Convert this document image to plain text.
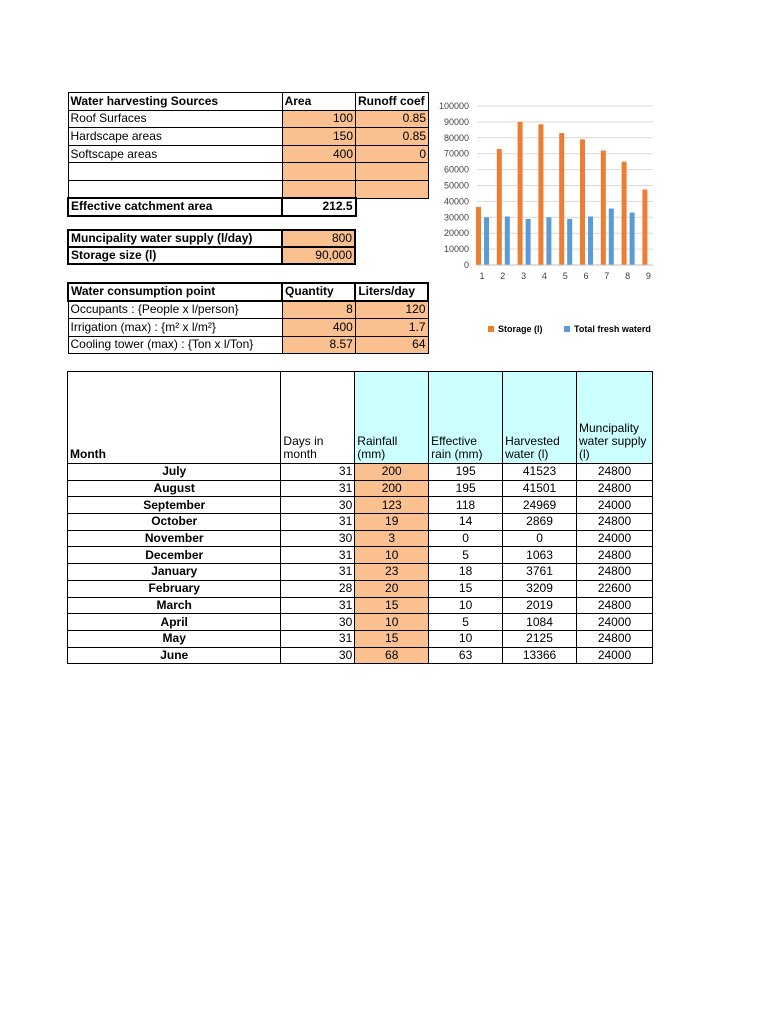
Water harvesting Sources	Area	Runoff coef
Roof Surfaces	100	0.85
Hardscape areas	150	0.85
Softscape areas	400	0

Effective catchment area	212.5	
Muncipality water supply (l/day)	800
Storage size (l)	90,000
Water consumption point	Quantity	Liters/day
Occupants : {People x l/person}	8	120
Irrigation (max) : {m² x l/m²}	400	1.7
Cooling tower (max) : {Ton x l/Ton}	8.57	64
0
10000
20000
30000
40000
50000
60000
70000
80000
90000
100000
1 2 3 4 5 6 7 8 9
Storage (l)	Total fresh waterd
Month	Days in month	Rainfall (mm)	Effective rain (mm)	Harvested water (l)	Muncipality water supply (l)
July	31	200	195	41523	24800
August	31	200	195	41501	24800
September	30	123	118	24969	24000
October	31	19	14	2869	24800
November	30	3	0	0	24000
December	31	10	5	1063	24800
January	31	23	18	3761	24800
February	28	20	15	3209	22600
March	31	15	10	2019	24800
April	30	10	5	1084	24000
May	31	15	10	2125	24800
June	30	68	63	13366	24000
